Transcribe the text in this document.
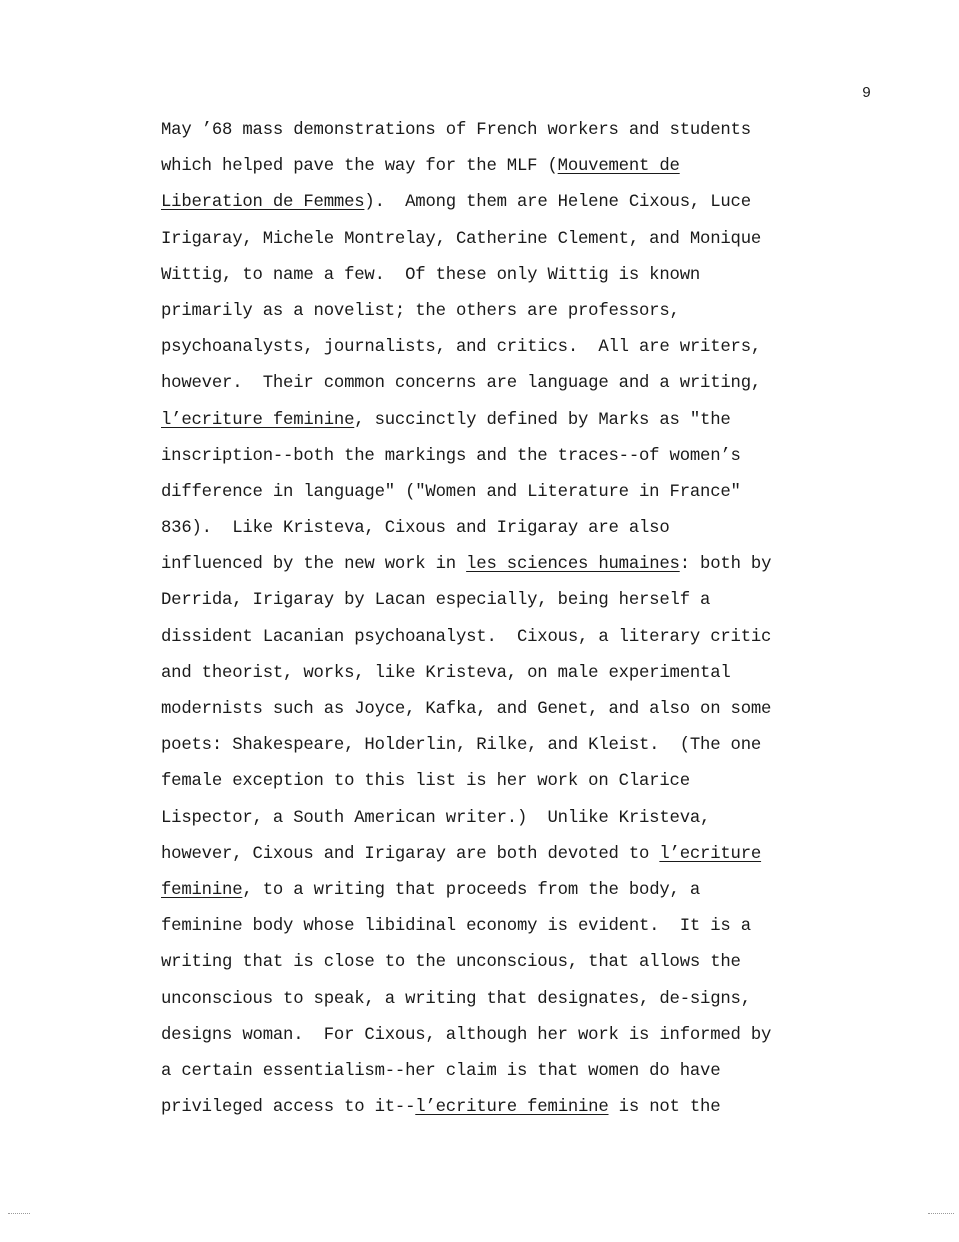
9
May ’68 mass demonstrations of French workers and students
which helped pave the way for the MLF (Mouvement de
Liberation de Femmes).  Among them are Helene Cixous, Luce
Irigaray, Michele Montrelay, Catherine Clement, and Monique
Wittig, to name a few.  Of these only Wittig is known
primarily as a novelist; the others are professors,
psychoanalysts, journalists, and critics.  All are writers,
however.  Their common concerns are language and a writing,
l’ecriture feminine, succinctly defined by Marks as "the
inscription--both the markings and the traces--of women’s
difference in language" ("Women and Literature in France"
836).  Like Kristeva, Cixous and Irigaray are also
influenced by the new work in les sciences humaines: both by
Derrida, Irigaray by Lacan especially, being herself a
dissident Lacanian psychoanalyst.  Cixous, a literary critic
and theorist, works, like Kristeva, on male experimental
modernists such as Joyce, Kafka, and Genet, and also on some
poets: Shakespeare, Holderlin, Rilke, and Kleist.  (The one
female exception to this list is her work on Clarice
Lispector, a South American writer.)  Unlike Kristeva,
however, Cixous and Irigaray are both devoted to l’ecriture
feminine, to a writing that proceeds from the body, a
feminine body whose libidinal economy is evident.  It is a
writing that is close to the unconscious, that allows the
unconscious to speak, a writing that designates, de-signs,
designs woman.  For Cixous, although her work is informed by
a certain essentialism--her claim is that women do have
privileged access to it--l’ecriture feminine is not the
